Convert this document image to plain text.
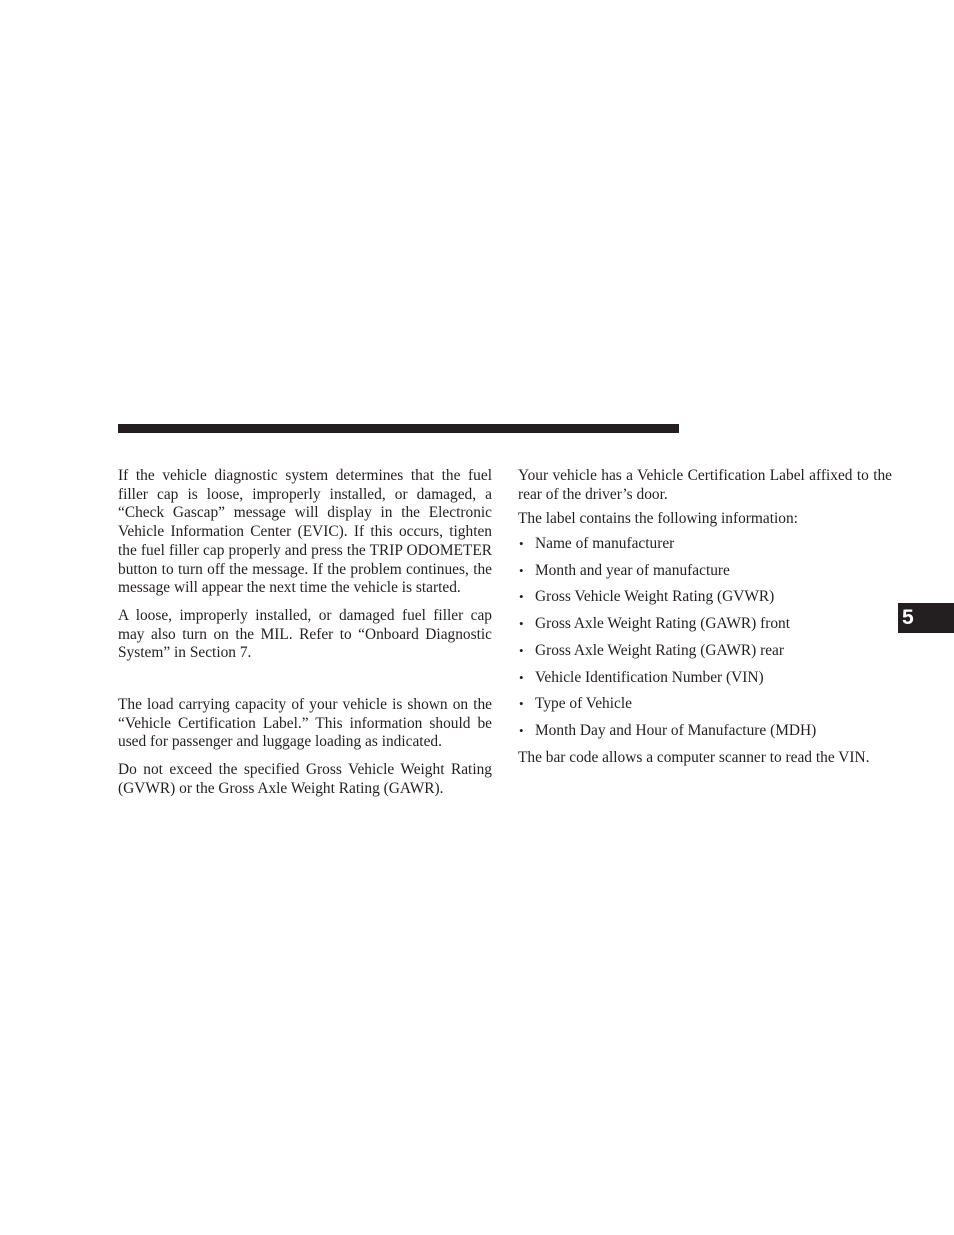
If the vehicle diagnostic system determines that the fuel filler cap is loose, improperly installed, or damaged, a “Check Gascap” message will display in the Electronic Vehicle Information Center (EVIC). If this occurs, tighten the fuel filler cap properly and press the TRIP ODOMETER button to turn off the message. If the problem continues, the message will appear the next time the vehicle is started.

A loose, improperly installed, or damaged fuel filler cap may also turn on the MIL. Refer to “Onboard Diagnostic System” in Section 7.

The load carrying capacity of your vehicle is shown on the “Vehicle Certification Label.” This information should be used for passenger and luggage loading as indicated.

Do not exceed the specified Gross Vehicle Weight Rating (GVWR) or the Gross Axle Weight Rating (GAWR).

Your vehicle has a Vehicle Certification Label affixed to the rear of the driver’s door.

The label contains the following information:

• Name of manufacturer
• Month and year of manufacture
• Gross Vehicle Weight Rating (GVWR)
• Gross Axle Weight Rating (GAWR) front
• Gross Axle Weight Rating (GAWR) rear
• Vehicle Identification Number (VIN)
• Type of Vehicle
• Month Day and Hour of Manufacture (MDH)

The bar code allows a computer scanner to read the VIN.

5
